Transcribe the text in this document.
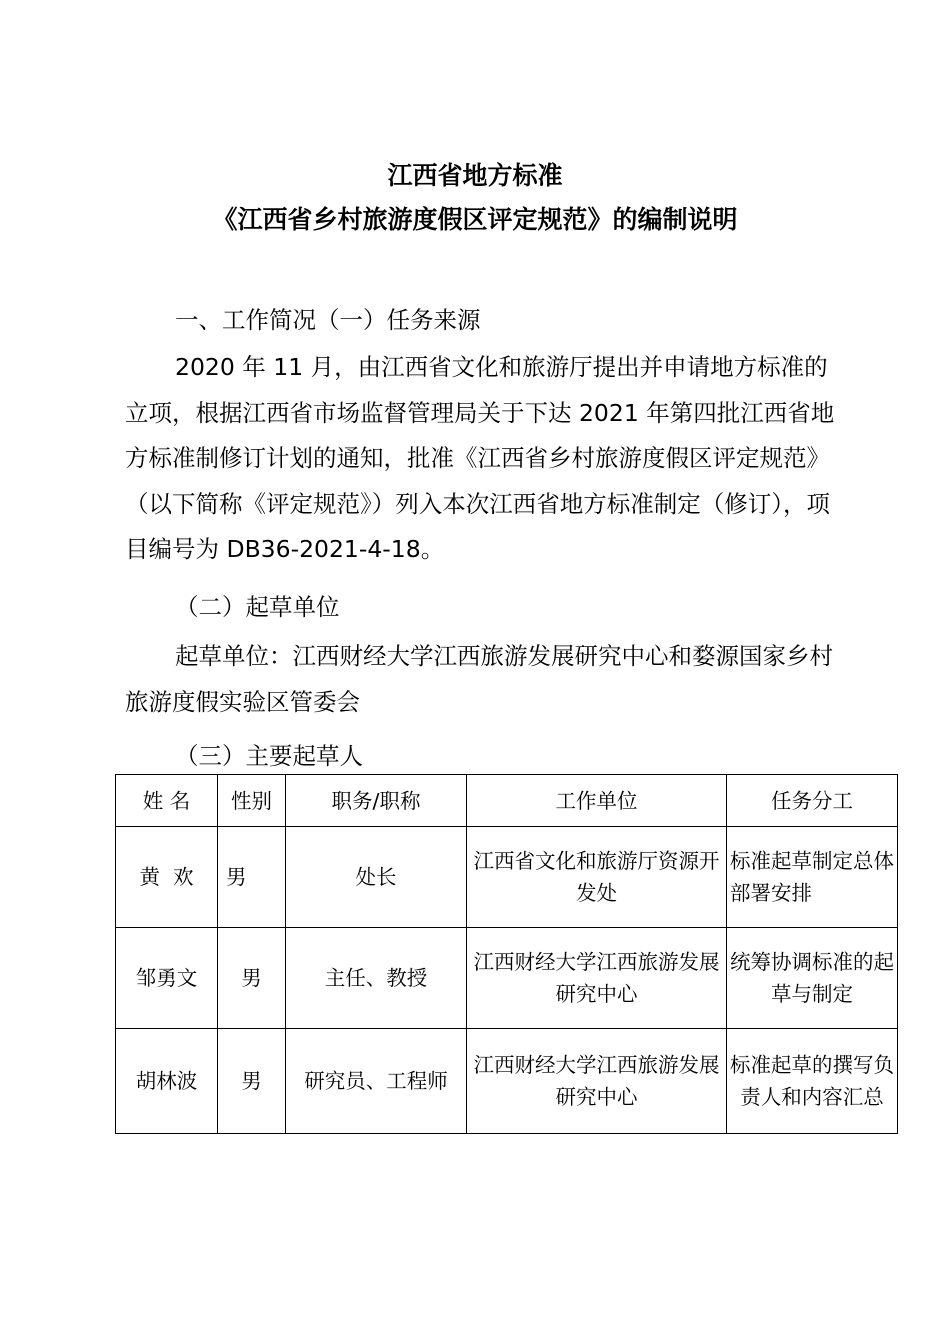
江西省地方标准
《江西省乡村旅游度假区评定规范》的编制说明
一、工作简况（一）任务来源
2020 年 11 月，由江西省文化和旅游厅提出并申请地方标准的立项，根据江西省市场监督管理局关于下达 2021 年第四批江西省地方标准制修订计划的通知，批准《江西省乡村旅游度假区评定规范》（以下简称《评定规范》）列入本次江西省地方标准制定（修订），项目编号为 DB36-2021-4-18。
（二）起草单位
起草单位：江西财经大学江西旅游发展研究中心和婺源国家乡村旅游度假实验区管委会
（三）主要起草人
姓 名	性别	职务/职称	工作单位	任务分工
黄  欢	男	处长	江西省文化和旅游厅资源开发处	标准起草制定总体部署安排
邹勇文	男	主任、教授	江西财经大学江西旅游发展研究中心	统筹协调标准的起草与制定
胡林波	男	研究员、工程师	江西财经大学江西旅游发展研究中心	标准起草的撰写负责人和内容汇总
